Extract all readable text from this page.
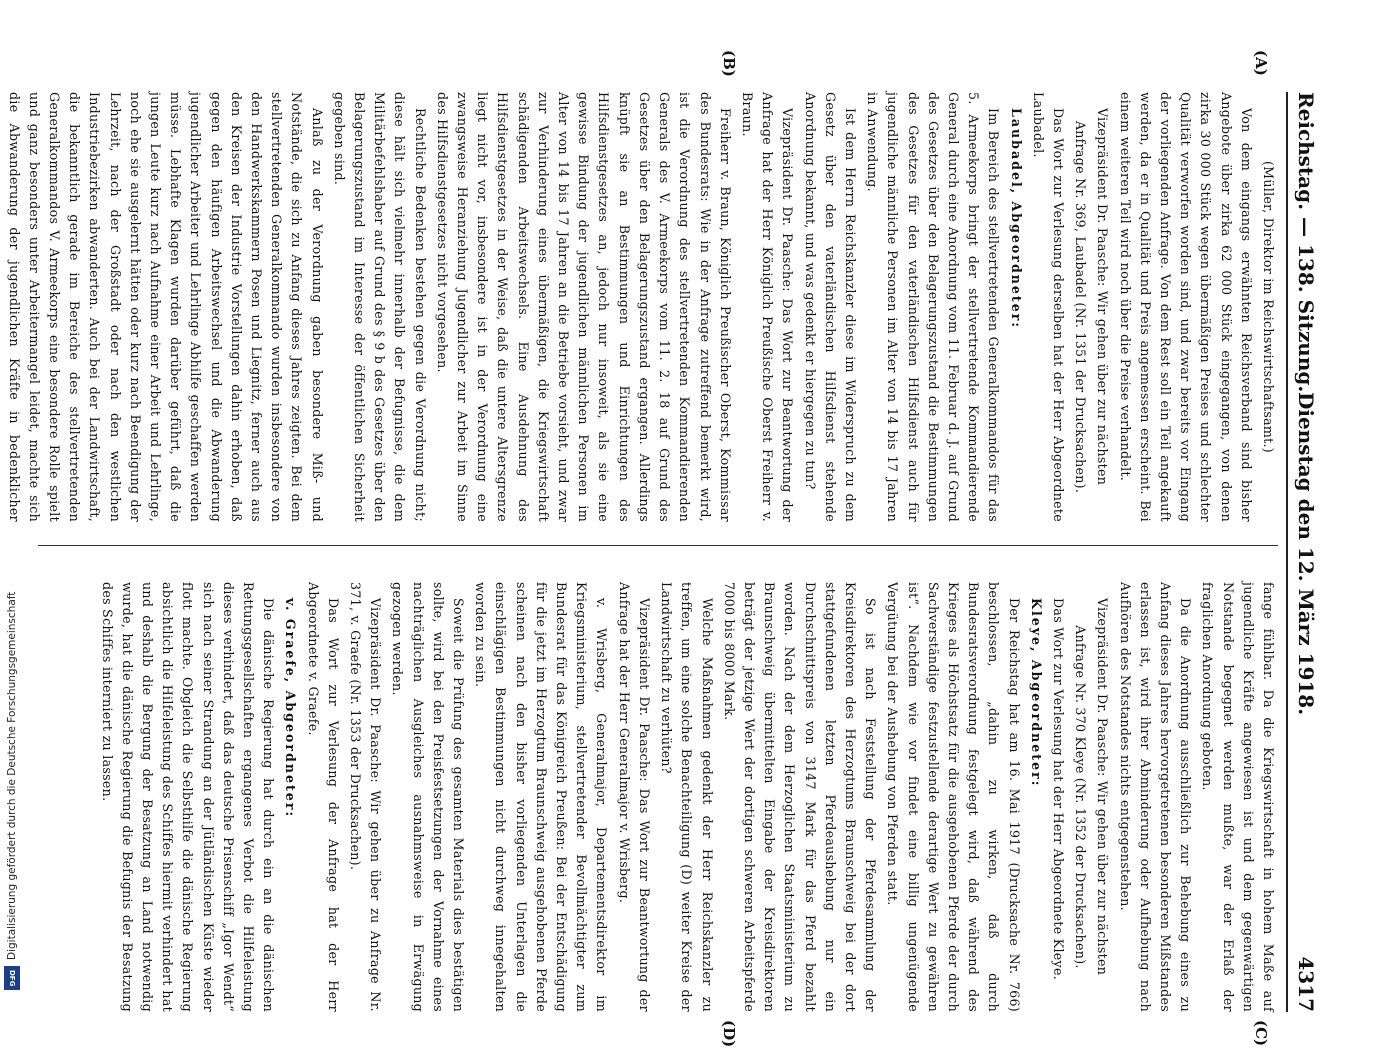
Reichstag. — 138. Sitzung.
Dienstag den 12. März 1918.
4317
(A)
(B)
(C)
(D)

(Müller, Direktor im Reichswirtschaftsamt.)

Von dem eingangs erwähnten Reichsverband sind bisher Angebote über zirka 62 000 Stück eingegangen, von denen zirka 30 000 Stück wegen übermäßigen Preises und schlechter Qualität verworfen worden sind, und zwar bereits vor Eingang der vorliegenden Anfrage. Von dem Rest soll ein Teil angekauft werden, da er in Qualität und Preis angemessen erscheint. Bei einem weiteren Teil wird noch über die Preise verhandelt.

Vizepräsident Dr. Paasche: Wir gehen über zur nächsten

Anfrage Nr. 369, Laubadel (Nr. 1351 der Drucksachen).

Das Wort zur Verlesung derselben hat der Herr Abgeordnete Laubadel.

Laubadel, Abgeordneter:

Im Bereich des stellvertretenden Generalkommandos für das 5. Armeekorps bringt der stellvertretende Kommandierende General durch eine Anordnung vom 11. Februar d. J. auf Grund des Gesetzes über den Belagerungszustand die Bestimmungen des Gesetzes für den vaterländischen Hilfsdienst auch für jugendliche männliche Personen im Alter von 14 bis 17 Jahren in Anwendung.

Ist dem Herrn Reichskanzler diese im Widerspruch zu dem Gesetz über den vaterländischen Hilfsdienst stehende Anordnung bekannt, und was gedenkt er hiergegen zu tun?

Vizepräsident Dr. Paasche: Das Wort zur Beantwortung der Anfrage hat der Herr Königlich Preußische Oberst Freiherr v. Braun.

Freiherr v. Braun, Königlich Preußischer Oberst, Kommissar des Bundesrats: Wie in der Anfrage zutreffend bemerkt wird, ist die Verordnung des stellvertretenden Kommandierenden Generals des V. Armeekorps vom 11. 2. 18 auf Grund des Gesetzes über den Belagerungszustand ergangen. Allerdings knüpft sie an Bestimmungen und Einrichtungen des Hilfsdienstgesetzes an, jedoch nur insoweit, als sie eine gewisse Bindung der jugendlichen männlichen Personen im Alter von 14 bis 17 Jahren an die Betriebe vorsieht, und zwar zur Verhinderung eines übermäßigen, die Kriegswirtschaft schädigenden Arbeitswechsels. Eine Ausdehnung des Hilfsdienstgesetzes in der Weise, daß die untere Altersgrenze liegt nicht vor, insbesondere ist in der Verordnung eine zwangsweise Heranziehung Jugendlicher zur Arbeit im Sinne des Hilfsdienstgesetzes nicht vorgesehen.

Rechtliche Bedenken bestehen gegen die Verordnung nicht; diese hält sich vielmehr innerhalb der Befugnisse, die dem Militärbefehlshaber auf Grund des § 9 b des Gesetzes über den Belagerungszustand im Interesse der öffentlichen Sicherheit gegeben sind.

Anlaß zu der Verordnung gaben besondere Miß- und Notstände, die sich zu Anfang dieses Jahres zeigten. Bei dem stellvertretenden Generalkommando wurden insbesondere von den Handwerkskammern Posen und Liegnitz, ferner auch aus den Kreisen der Industrie Vorstellungen dahin erhoben, daß gegen den häufigen Arbeitswechsel und die Abwanderung jugendlicher Arbeiter und Lehrlinge Abhilfe geschaffen werden müsse. Lebhafte Klagen wurden darüber geführt, daß die jungen Leute kurz nach Aufnahme einer Arbeit und Lehrlinge, noch ehe sie ausgelernt hätten oder kurz nach Beendigung der Lehrzeit, nach der Großstadt oder nach den westlichen Industriebezirken abwanderten. Auch bei der Landwirtschaft, die bekanntlich gerade im Bereiche des stellvertretenden Generalkommandos V. Armeekorps eine besondere Rolle spielt und ganz besonders unter Arbeitermangel leidet, machte sich die Abwanderung der jugendlichen Kräfte in bedenklicher

fange fühlbar. Da die Kriegswirtschaft in hohem Maße auf jugendliche Kräfte angewiesen ist und dem gegenwärtigen Notstande begegnet werden mußte, war der Erlaß der fraglichen Anordnung geboten.

Da die Anordnung ausschließlich zur Behebung eines zu Anfang dieses Jahres hervorgetretenen besonderen Mißstandes erlassen ist, wird ihrer Abminderung oder Aufhebung nach Aufhören des Notstandes nichts entgegenstehen.

Vizepräsident Dr. Paasche: Wir gehen über zur nächsten

Anfrage Nr. 370 Kleye (Nr. 1352 der Drucksachen).

Das Wort zur Verlesung hat der Herr Abgeordnete Kleye.

Kleye, Abgeordneter:

Der Reichstag hat am 16. Mai 1917 (Drucksache Nr. 766) beschlossen, „dahin zu wirken, daß durch Bundesratsverordnung festgelegt wird, daß während des Krieges als Höchstsatz für die ausgehobenen Pferde der durch Sachverständige festzustellende derartige Wert zu gewähren ist“. Nachdem wie vor findet eine billig ungenügende Vergütung bei der Aushebung von Pferden statt.

So ist nach Feststellung der Pferdesammlung der Kreisdirektoren des Herzogtums Braunschweig bei der dort stattgefundenen letzten Pferdeaushebung nur ein Durchschnittspreis von 3147 Mark für das Pferd bezahlt worden. Nach der dem Herzoglichen Staatsministerium zu Braunschweig übermittelten Eingabe der Kreisdirektoren beträgt der jetzige Wert der dortigen schweren Arbeitspferde 7000 bis 8000 Mark.

Welche Maßnahmen gedenkt der Herr Reichskanzler zu treffen, um eine solche Benachteiligung (D) weiter Kreise der Landwirtschaft zu verhüten?

Vizepräsident Dr. Paasche: Das Wort zur Beantwortung der Anfrage hat der Herr Generalmajor v. Wrisberg.

v. Wrisberg, Generalmajor, Departementsdirektor im Kriegsministerium, stellvertretender Bevollmächtigter zum Bundesrat für das Königreich Preußen: Bei der Entschädigung für die jetzt im Herzogtum Braunschweig ausgehobenen Pferde scheinen nach den bisher vorliegenden Unterlagen die einschlägigen Bestimmungen nicht durchweg innegehalten worden zu sein.

Soweit die Prüfung des gesamten Materials dies bestätigen sollte, wird bei den Preisfestsetzungen der Vornahme eines nachträglichen Ausgleiches ausnahmsweise in Erwägung gezogen werden.

Vizepräsident Dr. Paasche: Wir gehen über zu Anfrage Nr. 371, v. Graefe (Nr. 1353 der Drucksachen).

Das Wort zur Verlesung der Anfrage hat der Herr Abgeordnete v. Graefe.

v. Graefe, Abgeordneter:

Die dänische Regierung hat durch ein an die dänischen Rettungsgesellschaften ergangenes Verbot die Hilfeleistung dieses verhindert, daß das deutsche Prisenschiff „Igor Wendt“ sich nach seiner Strandung an der Jütländischen Küste wieder flott machte. Obgleich die Selbsthilfe die dänische Regierung absichtlich die Hilfeleistung des Schiffes hiermit verhindert hat und deshalb die Bergung der Besatzung an Land notwendig wurde, hat die dänische Regierung die Befugnis der Besatzung des Schiffes interniert zu lassen.

Digitalisierung gefördert durch die Deutsche Forschungsgemeinschaft
DFG
